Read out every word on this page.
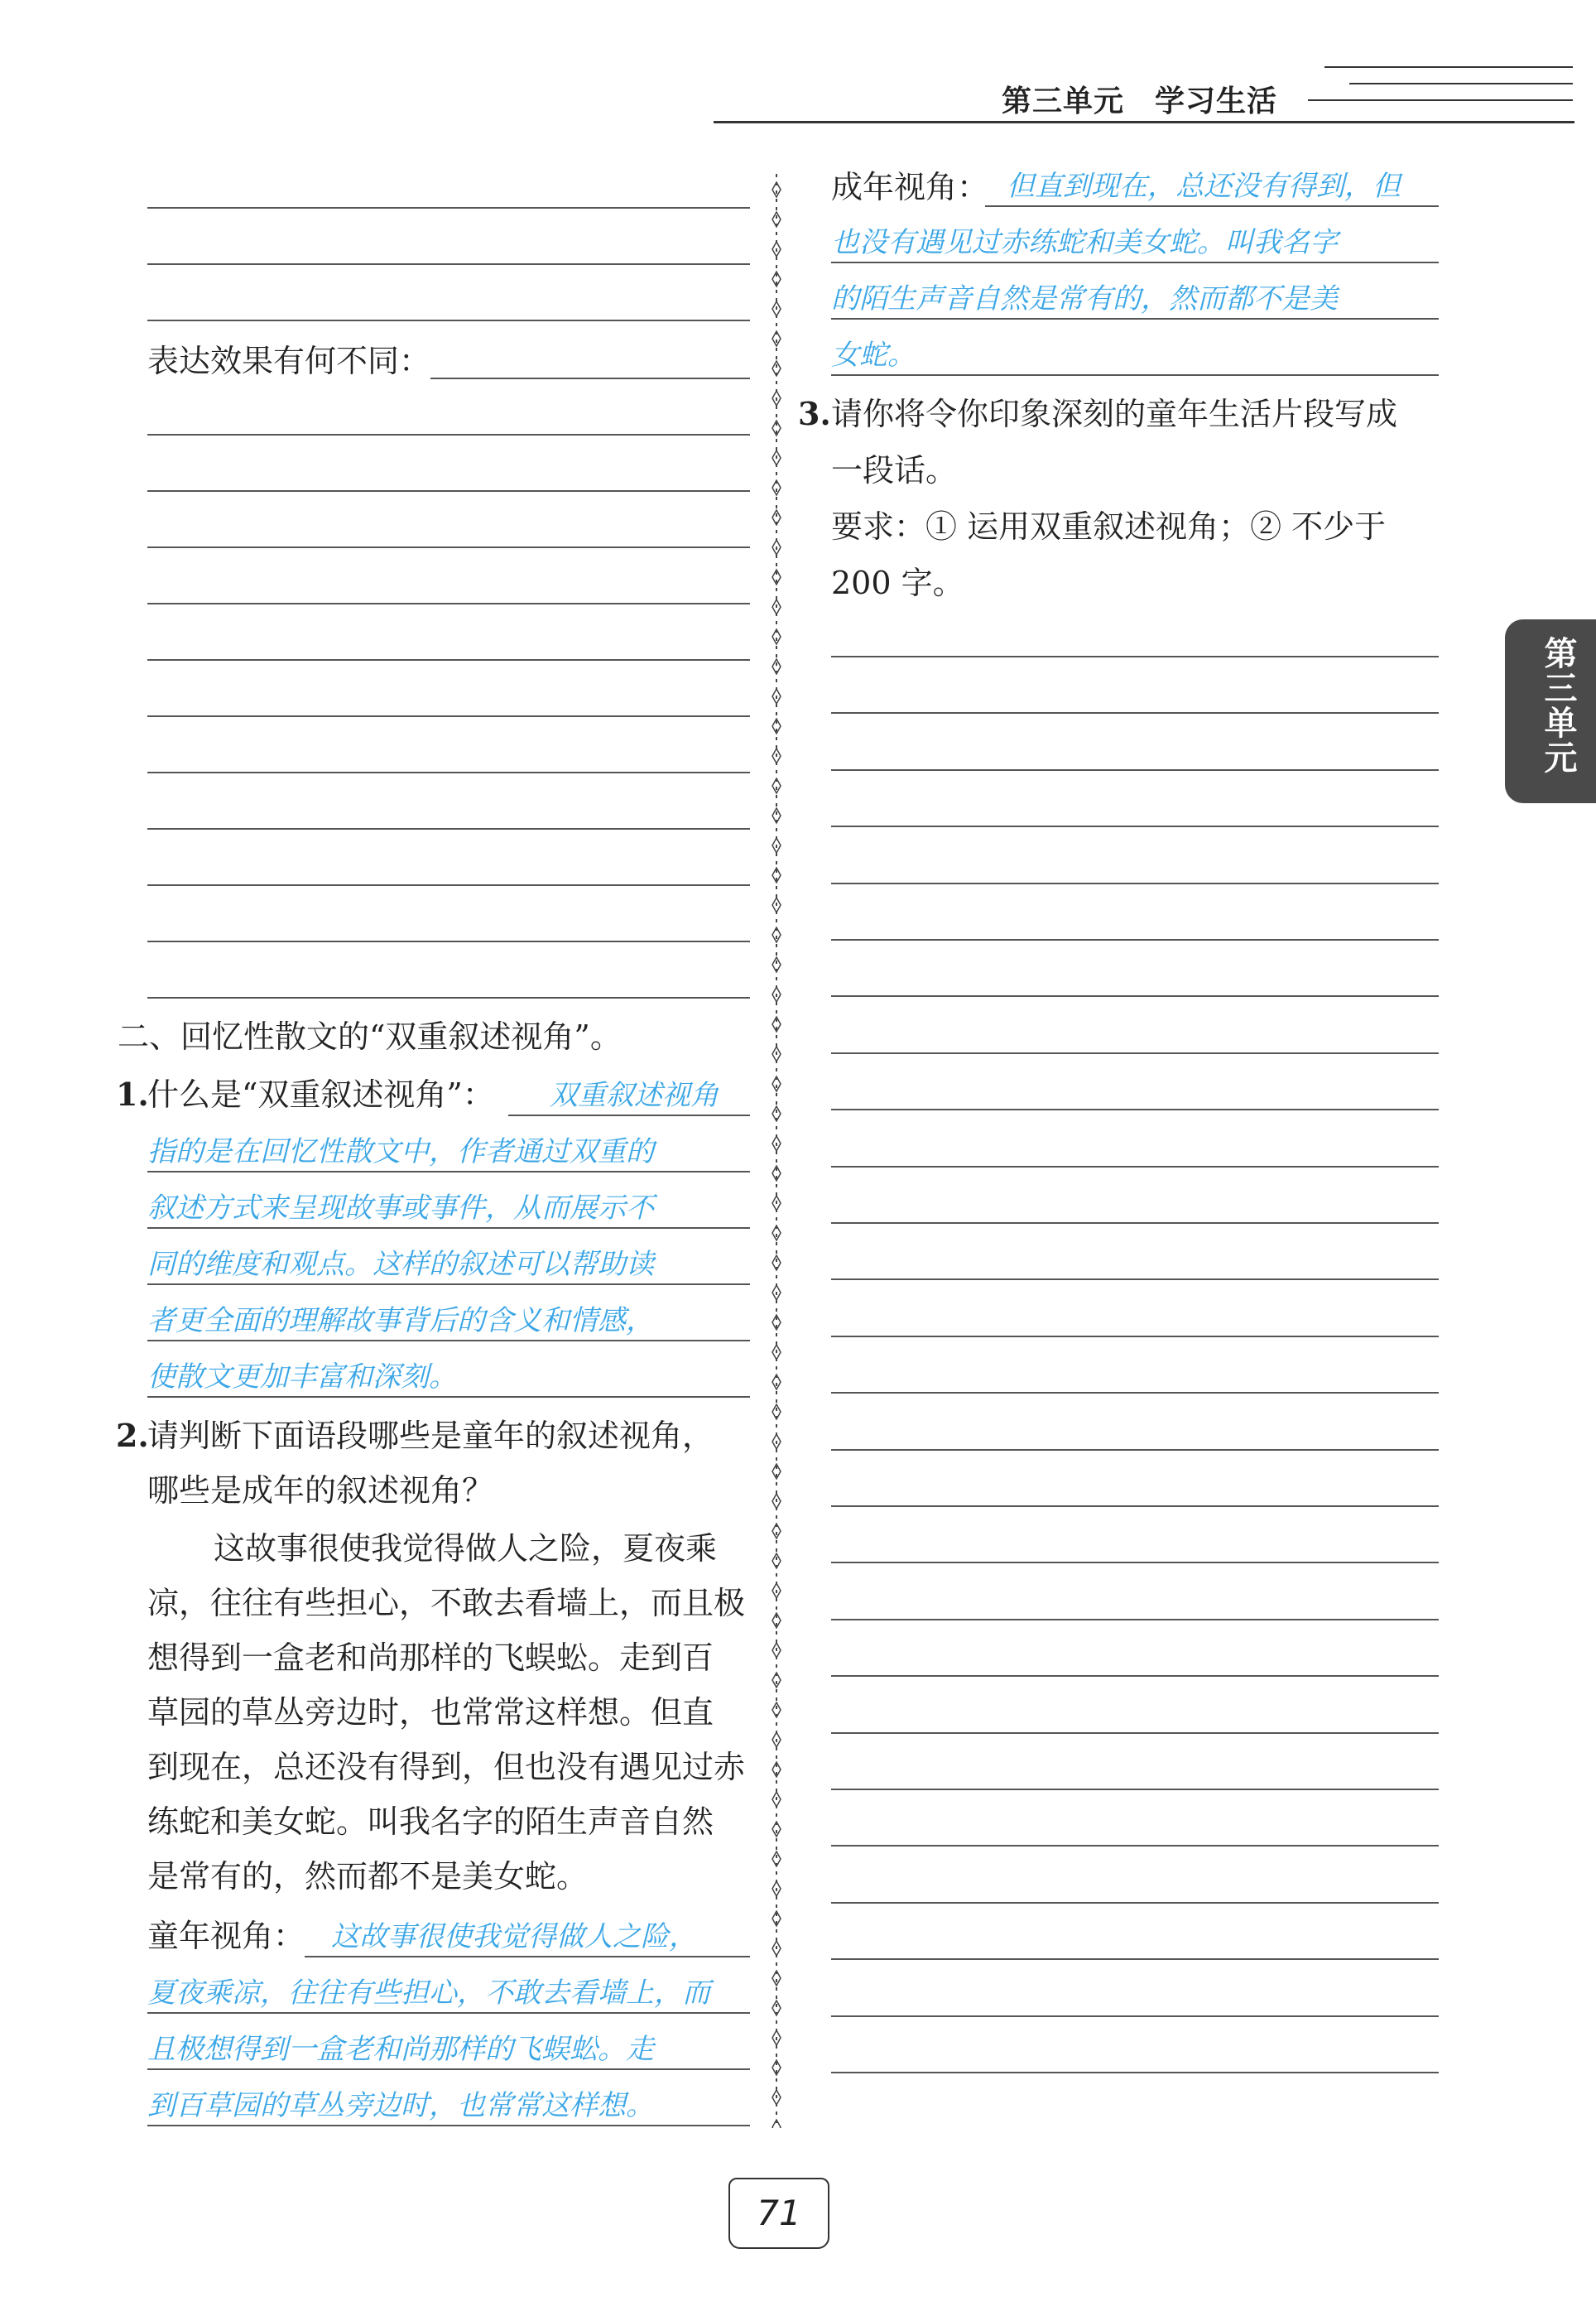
第三单元　学习生活
第三单元
表达效果有何不同：
二、回忆性散文的“双重叙述视角”。
1.
什么是“双重叙述视角”： 双重叙述视角
指的是在回忆性散文中，作者通过双重的
叙述方式来呈现故事或事件，从而展示不
同的维度和观点。这样的叙述可以帮助读
者更全面的理解故事背后的含义和情感，
使散文更加丰富和深刻。
2.
请判断下面语段哪些是童年的叙述视角，
哪些是成年的叙述视角？
这故事很使我觉得做人之险，夏夜乘
凉，往往有些担心，不敢去看墙上，而且极
想得到一盒老和尚那样的飞蜈蚣。走到百
草园的草丛旁边时，也常常这样想。但直
到现在，总还没有得到，但也没有遇见过赤
练蛇和美女蛇。叫我名字的陌生声音自然
是常有的，然而都不是美女蛇。
童年视角： 这故事很使我觉得做人之险，
夏夜乘凉，往往有些担心，不敢去看墙上，而
且极想得到一盒老和尚那样的飞蜈蚣。走
到百草园的草丛旁边时，也常常这样想。
成年视角： 但直到现在，总还没有得到，但
也没有遇见过赤练蛇和美女蛇。叫我名字
的陌生声音自然是常有的，然而都不是美
女蛇。
3. 请你将令你印象深刻的童年生活片段写成
一段话。
要求：① 运用双重叙述视角；② 不少于
200 字。
71
